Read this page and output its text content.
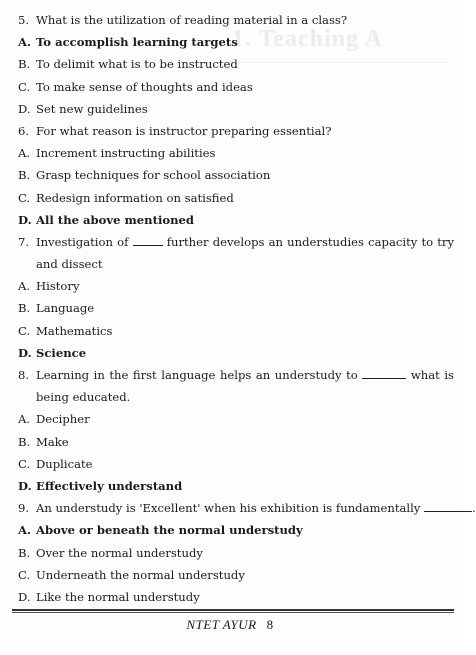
1. Teaching A
5. What is the utilization of reading material in a class?
A. To accomplish learning targets
B. To delimit what is to be instructed
C. To make sense of thoughts and ideas
D. Set new guidelines
6. For what reason is instructor preparing essential?
A. Increment instructing abilities
B. Grasp techniques for school association
C. Redesign information on satisfied
D. All the above mentioned
7. Investigation of	further develops an understudies capacity to try and dissect
A. History
B. Language
C. Mathematics
D. Science
8. Learning in the first language helps an understudy to	what is being educated.
A. Decipher
B. Make
C. Duplicate
D. Effectively understand
9. An understudy is 'Excellent' when his exhibition is fundamentally	.
A. Above or beneath the normal understudy
B. Over the normal understudy
C. Underneath the normal understudy
D. Like the normal understudy
NTET AYUR 8
